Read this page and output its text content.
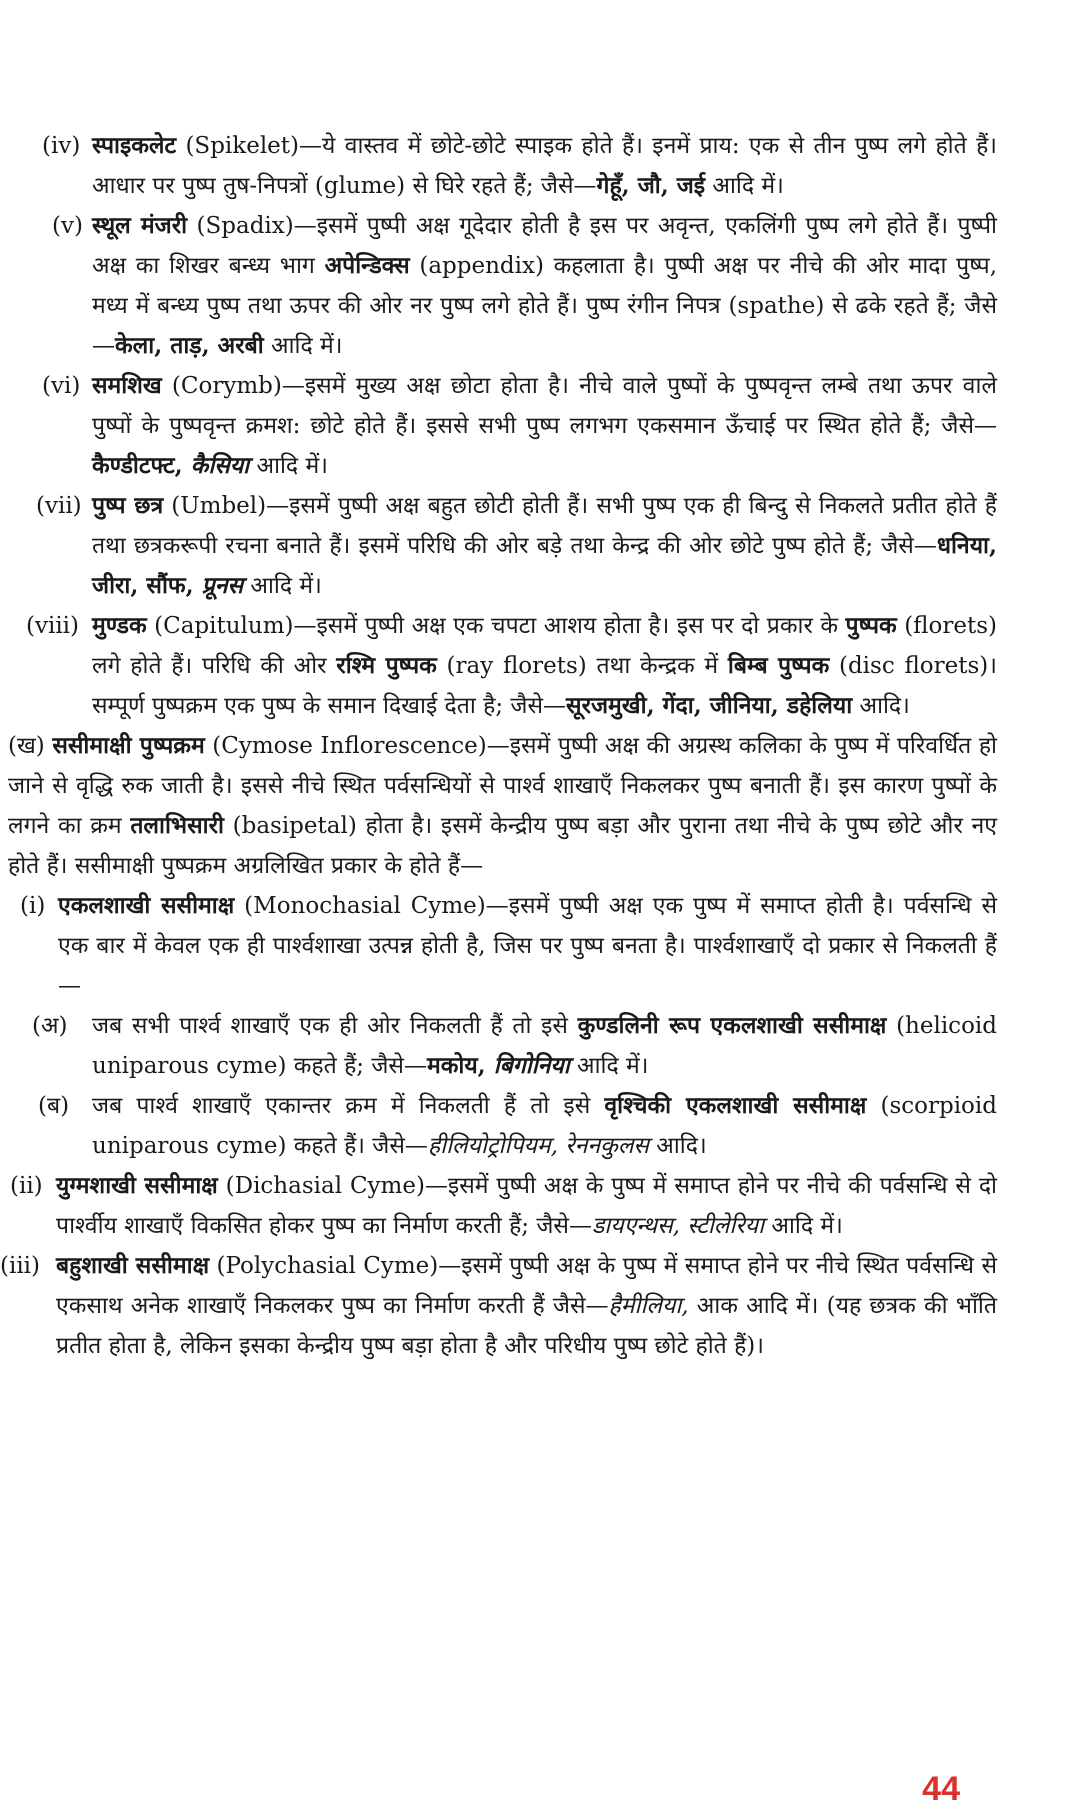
(iv) स्पाइकलेट (Spikelet)—ये वास्तव में छोटे-छोटे स्पाइक होते हैं। इनमें प्राय: एक से तीन पुष्प लगे होते हैं। आधार पर पुष्प तुष-निपत्रों (glume) से घिरे रहते हैं; जैसे—गेहूँ, जौ, जई आदि में।

(v) स्थूल मंजरी (Spadix)—इसमें पुष्पी अक्ष गूदेदार होती है इस पर अवृन्त, एकलिंगी पुष्प लगे होते हैं। पुष्पी अक्ष का शिखर बन्ध्य भाग अपेन्डिक्स (appendix) कहलाता है। पुष्पी अक्ष पर नीचे की ओर मादा पुष्प, मध्य में बन्ध्य पुष्प तथा ऊपर की ओर नर पुष्प लगे होते हैं। पुष्प रंगीन निपत्र (spathe) से ढके रहते हैं; जैसे—केला, ताड़, अरबी आदि में।

(vi) समशिख (Corymb)—इसमें मुख्य अक्ष छोटा होता है। नीचे वाले पुष्पों के पुष्पवृन्त लम्बे तथा ऊपर वाले पुष्पों के पुष्पवृन्त क्रमश: छोटे होते हैं। इससे सभी पुष्प लगभग एकसमान ऊँचाई पर स्थित होते हैं; जैसे—कैण्डीटफ्ट, कैसिया आदि में।

(vii) पुष्प छत्र (Umbel)—इसमें पुष्पी अक्ष बहुत छोटी होती हैं। सभी पुष्प एक ही बिन्दु से निकलते प्रतीत होते हैं तथा छत्रकरूपी रचना बनाते हैं। इसमें परिधि की ओर बड़े तथा केन्द्र की ओर छोटे पुष्प होते हैं; जैसे—धनिया, जीरा, सौंफ, प्रूनस आदि में।

(viii) मुण्डक (Capitulum)—इसमें पुष्पी अक्ष एक चपटा आशय होता है। इस पर दो प्रकार के पुष्पक (florets) लगे होते हैं। परिधि की ओर रश्मि पुष्पक (ray florets) तथा केन्द्रक में बिम्ब पुष्पक (disc florets)। सम्पूर्ण पुष्पक्रम एक पुष्प के समान दिखाई देता है; जैसे—सूरजमुखी, गेंदा, जीनिया, डहेलिया आदि।

(ख) ससीमाक्षी पुष्पक्रम (Cymose Inflorescence)—इसमें पुष्पी अक्ष की अग्रस्थ कलिका के पुष्प में परिवर्धित हो जाने से वृद्धि रुक जाती है। इससे नीचे स्थित पर्वसन्धियों से पार्श्व शाखाएँ निकलकर पुष्प बनाती हैं। इस कारण पुष्पों के लगने का क्रम तलाभिसारी (basipetal) होता है। इसमें केन्द्रीय पुष्प बड़ा और पुराना तथा नीचे के पुष्प छोटे और नए होते हैं। ससीमाक्षी पुष्पक्रम अग्रलिखित प्रकार के होते हैं—

(i) एकलशाखी ससीमाक्ष (Monochasial Cyme)—इसमें पुष्पी अक्ष एक पुष्प में समाप्त होती है। पर्वसन्धि से एक बार में केवल एक ही पार्श्वशाखा उत्पन्न होती है, जिस पर पुष्प बनता है। पार्श्वशाखाएँ दो प्रकार से निकलती हैं—

(अ) जब सभी पार्श्व शाखाएँ एक ही ओर निकलती हैं तो इसे कुण्डलिनी रूप एकलशाखी ससीमाक्ष (helicoid uniparous cyme) कहते हैं; जैसे—मकोय, बिगोनिया आदि में।

(ब) जब पार्श्व शाखाएँ एकान्तर क्रम में निकलती हैं तो इसे वृश्चिकी एकलशाखी ससीमाक्ष (scorpioid uniparous cyme) कहते हैं। जैसे—हीलियोट्रोपियम, रेननकुलस आदि।

(ii) युग्मशाखी ससीमाक्ष (Dichasial Cyme)—इसमें पुष्पी अक्ष के पुष्प में समाप्त होने पर नीचे की पर्वसन्धि से दो पार्श्वीय शाखाएँ विकसित होकर पुष्प का निर्माण करती हैं; जैसे—डायएन्थस, स्टीलेरिया आदि में।

(iii) बहुशाखी ससीमाक्ष (Polychasial Cyme)—इसमें पुष्पी अक्ष के पुष्प में समाप्त होने पर नीचे स्थित पर्वसन्धि से एकसाथ अनेक शाखाएँ निकलकर पुष्प का निर्माण करती हैं जैसे—हैमीलिया, आक आदि में। (यह छत्रक की भाँति प्रतीत होता है, लेकिन इसका केन्द्रीय पुष्प बड़ा होता है और परिधीय पुष्प छोटे होते हैं)।

44
